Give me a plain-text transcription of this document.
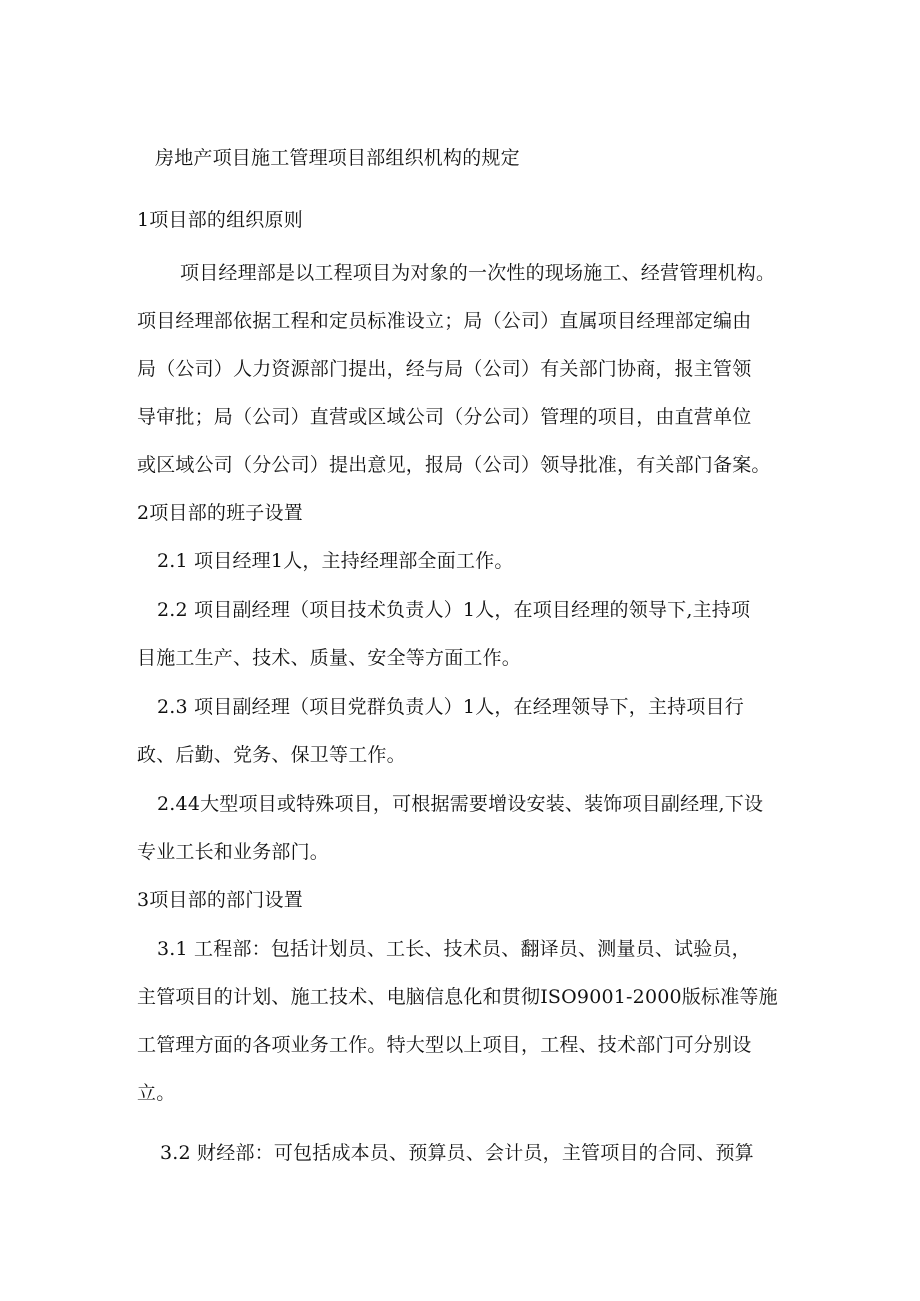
房地产项目施工管理项目部组织机构的规定
1项目部的组织原则
项目经理部是以工程项目为对象的一次性的现场施工、经营管理机构。
项目经理部依据工程和定员标准设立；局（公司）直属项目经理部定编由
局（公司）人力资源部门提出，经与局（公司）有关部门协商，报主管领
导审批；局（公司）直营或区域公司（分公司）管理的项目，由直营单位
或区域公司（分公司）提出意见，报局（公司）领导批准，有关部门备案。
2项目部的班子设置
2.1 项目经理1人，主持经理部全面工作。
2.2 项目副经理（项目技术负责人）1人，在项目经理的领导下,主持项
目施工生产、技术、质量、安全等方面工作。
2.3 项目副经理（项目党群负责人）1人，在经理领导下，主持项目行
政、后勤、党务、保卫等工作。
2.44大型项目或特殊项目，可根据需要增设安装、装饰项目副经理,下设
专业工长和业务部门。
3项目部的部门设置
3.1 工程部：包括计划员、工长、技术员、翻译员、测量员、试验员，
主管项目的计划、施工技术、电脑信息化和贯彻ISO9001-2000版标准等施
工管理方面的各项业务工作。特大型以上项目，工程、技术部门可分别设
立。
3.2 财经部：可包括成本员、预算员、会计员，主管项目的合同、预算
